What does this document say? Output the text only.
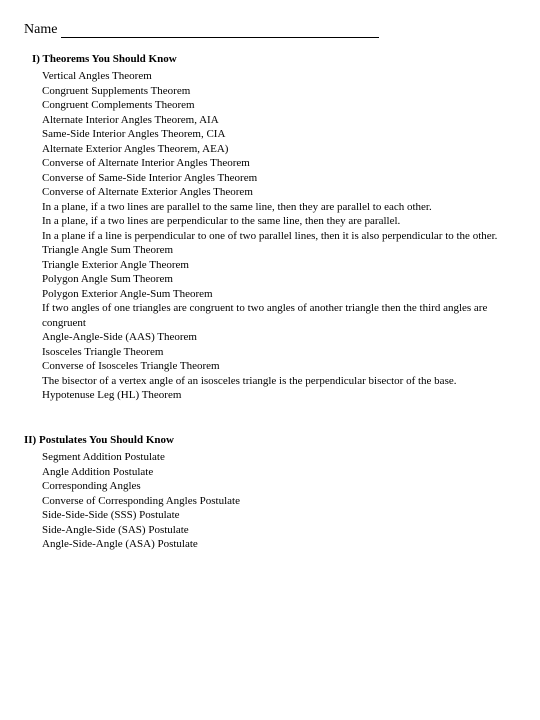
Name
I) Theorems You Should Know
Vertical Angles Theorem
Congruent Supplements Theorem
Congruent Complements Theorem
Alternate Interior Angles Theorem, AIA
Same-Side Interior Angles Theorem, CIA
Alternate Exterior Angles Theorem, AEA)
Converse of Alternate Interior Angles Theorem
Converse of Same-Side Interior Angles Theorem
Converse of Alternate Exterior Angles Theorem
In a plane, if a two lines are parallel to the same line, then they are parallel to each other.
In a plane, if a two lines are perpendicular to the same line, then they are parallel.
In a plane if a line is perpendicular to one of two parallel lines, then it is also perpendicular to the other.
Triangle Angle Sum Theorem
Triangle Exterior Angle Theorem
Polygon Angle Sum Theorem
Polygon Exterior Angle-Sum Theorem
If two angles of one triangles are congruent to two angles of another triangle then the third angles are congruent
Angle-Angle-Side (AAS) Theorem
Isosceles Triangle Theorem
Converse of Isosceles Triangle Theorem
The bisector of a vertex angle of an isosceles triangle is the perpendicular bisector of the base.
Hypotenuse Leg (HL) Theorem
II) Postulates You Should Know
Segment Addition Postulate
Angle Addition Postulate
Corresponding Angles
Converse of Corresponding Angles Postulate
Side-Side-Side (SSS) Postulate
Side-Angle-Side (SAS) Postulate
Angle-Side-Angle (ASA) Postulate
